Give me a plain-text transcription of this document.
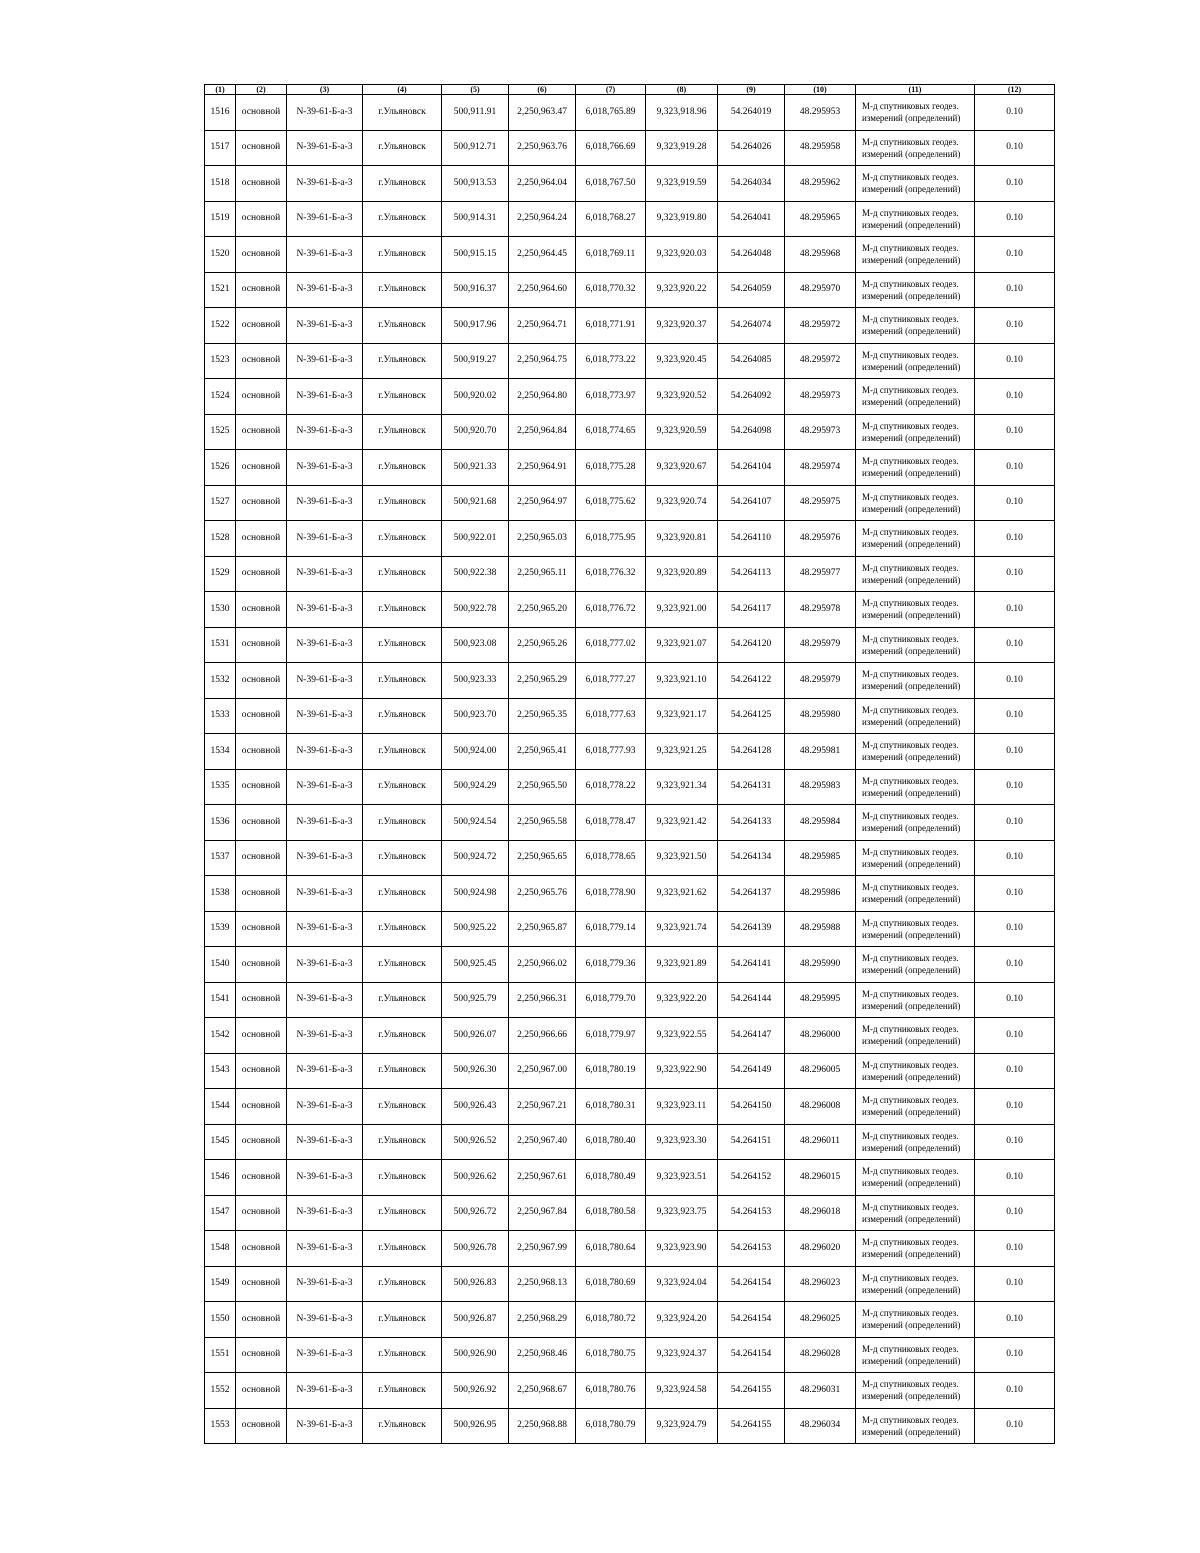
(1)	(2)	(3)	(4)	(5)	(6)	(7)	(8)	(9)	(10)	(11)	(12)
1516	основной	N-39-61-Б-а-3	г.Ульяновск	500,911.91	2,250,963.47	6,018,765.89	9,323,918.96	54.264019	48.295953	М-д спутниковых геодез. измерений (определений)	0.10
1517	основной	N-39-61-Б-а-3	г.Ульяновск	500,912.71	2,250,963.76	6,018,766.69	9,323,919.28	54.264026	48.295958	М-д спутниковых геодез. измерений (определений)	0.10
1518	основной	N-39-61-Б-а-3	г.Ульяновск	500,913.53	2,250,964.04	6,018,767.50	9,323,919.59	54.264034	48.295962	М-д спутниковых геодез. измерений (определений)	0.10
1519	основной	N-39-61-Б-а-3	г.Ульяновск	500,914.31	2,250,964.24	6,018,768.27	9,323,919.80	54.264041	48.295965	М-д спутниковых геодез. измерений (определений)	0.10
1520	основной	N-39-61-Б-а-3	г.Ульяновск	500,915.15	2,250,964.45	6,018,769.11	9,323,920.03	54.264048	48.295968	М-д спутниковых геодез. измерений (определений)	0.10
1521	основной	N-39-61-Б-а-3	г.Ульяновск	500,916.37	2,250,964.60	6,018,770.32	9,323,920.22	54.264059	48.295970	М-д спутниковых геодез. измерений (определений)	0.10
1522	основной	N-39-61-Б-а-3	г.Ульяновск	500,917.96	2,250,964.71	6,018,771.91	9,323,920.37	54.264074	48.295972	М-д спутниковых геодез. измерений (определений)	0.10
1523	основной	N-39-61-Б-а-3	г.Ульяновск	500,919.27	2,250,964.75	6,018,773.22	9,323,920.45	54.264085	48.295972	М-д спутниковых геодез. измерений (определений)	0.10
1524	основной	N-39-61-Б-а-3	г.Ульяновск	500,920.02	2,250,964.80	6,018,773.97	9,323,920.52	54.264092	48.295973	М-д спутниковых геодез. измерений (определений)	0.10
1525	основной	N-39-61-Б-а-3	г.Ульяновск	500,920.70	2,250,964.84	6,018,774.65	9,323,920.59	54.264098	48.295973	М-д спутниковых геодез. измерений (определений)	0.10
1526	основной	N-39-61-Б-а-3	г.Ульяновск	500,921.33	2,250,964.91	6,018,775.28	9,323,920.67	54.264104	48.295974	М-д спутниковых геодез. измерений (определений)	0.10
1527	основной	N-39-61-Б-а-3	г.Ульяновск	500,921.68	2,250,964.97	6,018,775.62	9,323,920.74	54.264107	48.295975	М-д спутниковых геодез. измерений (определений)	0.10
1528	основной	N-39-61-Б-а-3	г.Ульяновск	500,922.01	2,250,965.03	6,018,775.95	9,323,920.81	54.264110	48.295976	М-д спутниковых геодез. измерений (определений)	0.10
1529	основной	N-39-61-Б-а-3	г.Ульяновск	500,922.38	2,250,965.11	6,018,776.32	9,323,920.89	54.264113	48.295977	М-д спутниковых геодез. измерений (определений)	0.10
1530	основной	N-39-61-Б-а-3	г.Ульяновск	500,922.78	2,250,965.20	6,018,776.72	9,323,921.00	54.264117	48.295978	М-д спутниковых геодез. измерений (определений)	0.10
1531	основной	N-39-61-Б-а-3	г.Ульяновск	500,923.08	2,250,965.26	6,018,777.02	9,323,921.07	54.264120	48.295979	М-д спутниковых геодез. измерений (определений)	0.10
1532	основной	N-39-61-Б-а-3	г.Ульяновск	500,923.33	2,250,965.29	6,018,777.27	9,323,921.10	54.264122	48.295979	М-д спутниковых геодез. измерений (определений)	0.10
1533	основной	N-39-61-Б-а-3	г.Ульяновск	500,923.70	2,250,965.35	6,018,777.63	9,323,921.17	54.264125	48.295980	М-д спутниковых геодез. измерений (определений)	0.10
1534	основной	N-39-61-Б-а-3	г.Ульяновск	500,924.00	2,250,965.41	6,018,777.93	9,323,921.25	54.264128	48.295981	М-д спутниковых геодез. измерений (определений)	0.10
1535	основной	N-39-61-Б-а-3	г.Ульяновск	500,924.29	2,250,965.50	6,018,778.22	9,323,921.34	54.264131	48.295983	М-д спутниковых геодез. измерений (определений)	0.10
1536	основной	N-39-61-Б-а-3	г.Ульяновск	500,924.54	2,250,965.58	6,018,778.47	9,323,921.42	54.264133	48.295984	М-д спутниковых геодез. измерений (определений)	0.10
1537	основной	N-39-61-Б-а-3	г.Ульяновск	500,924.72	2,250,965.65	6,018,778.65	9,323,921.50	54.264134	48.295985	М-д спутниковых геодез. измерений (определений)	0.10
1538	основной	N-39-61-Б-а-3	г.Ульяновск	500,924.98	2,250,965.76	6,018,778.90	9,323,921.62	54.264137	48.295986	М-д спутниковых геодез. измерений (определений)	0.10
1539	основной	N-39-61-Б-а-3	г.Ульяновск	500,925.22	2,250,965.87	6,018,779.14	9,323,921.74	54.264139	48.295988	М-д спутниковых геодез. измерений (определений)	0.10
1540	основной	N-39-61-Б-а-3	г.Ульяновск	500,925.45	2,250,966.02	6,018,779.36	9,323,921.89	54.264141	48.295990	М-д спутниковых геодез. измерений (определений)	0.10
1541	основной	N-39-61-Б-а-3	г.Ульяновск	500,925.79	2,250,966.31	6,018,779.70	9,323,922.20	54.264144	48.295995	М-д спутниковых геодез. измерений (определений)	0.10
1542	основной	N-39-61-Б-а-3	г.Ульяновск	500,926.07	2,250,966.66	6,018,779.97	9,323,922.55	54.264147	48.296000	М-д спутниковых геодез. измерений (определений)	0.10
1543	основной	N-39-61-Б-а-3	г.Ульяновск	500,926.30	2,250,967.00	6,018,780.19	9,323,922.90	54.264149	48.296005	М-д спутниковых геодез. измерений (определений)	0.10
1544	основной	N-39-61-Б-а-3	г.Ульяновск	500,926.43	2,250,967.21	6,018,780.31	9,323,923.11	54.264150	48.296008	М-д спутниковых геодез. измерений (определений)	0.10
1545	основной	N-39-61-Б-а-3	г.Ульяновск	500,926.52	2,250,967.40	6,018,780.40	9,323,923.30	54.264151	48.296011	М-д спутниковых геодез. измерений (определений)	0.10
1546	основной	N-39-61-Б-а-3	г.Ульяновск	500,926.62	2,250,967.61	6,018,780.49	9,323,923.51	54.264152	48.296015	М-д спутниковых геодез. измерений (определений)	0.10
1547	основной	N-39-61-Б-а-3	г.Ульяновск	500,926.72	2,250,967.84	6,018,780.58	9,323,923.75	54.264153	48.296018	М-д спутниковых геодез. измерений (определений)	0.10
1548	основной	N-39-61-Б-а-3	г.Ульяновск	500,926.78	2,250,967.99	6,018,780.64	9,323,923.90	54.264153	48.296020	М-д спутниковых геодез. измерений (определений)	0.10
1549	основной	N-39-61-Б-а-3	г.Ульяновск	500,926.83	2,250,968.13	6,018,780.69	9,323,924.04	54.264154	48.296023	М-д спутниковых геодез. измерений (определений)	0.10
1550	основной	N-39-61-Б-а-3	г.Ульяновск	500,926.87	2,250,968.29	6,018,780.72	9,323,924.20	54.264154	48.296025	М-д спутниковых геодез. измерений (определений)	0.10
1551	основной	N-39-61-Б-а-3	г.Ульяновск	500,926.90	2,250,968.46	6,018,780.75	9,323,924.37	54.264154	48.296028	М-д спутниковых геодез. измерений (определений)	0.10
1552	основной	N-39-61-Б-а-3	г.Ульяновск	500,926.92	2,250,968.67	6,018,780.76	9,323,924.58	54.264155	48.296031	М-д спутниковых геодез. измерений (определений)	0.10
1553	основной	N-39-61-Б-а-3	г.Ульяновск	500,926.95	2,250,968.88	6,018,780.79	9,323,924.79	54.264155	48.296034	М-д спутниковых геодез. измерений (определений)	0.10
